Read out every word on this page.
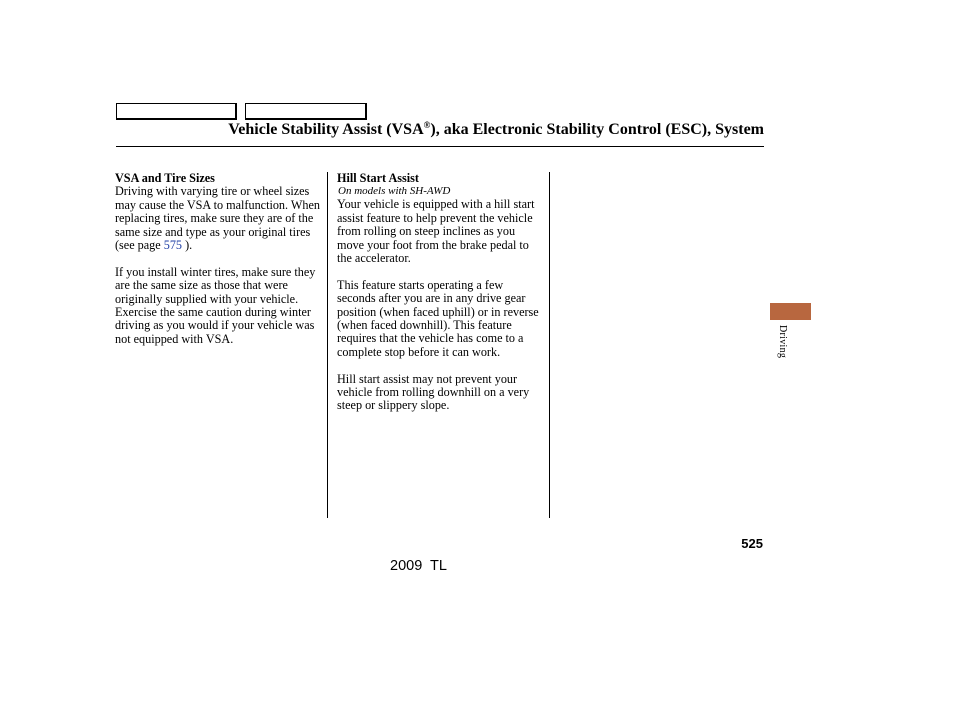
Vehicle Stability Assist (VSA®), aka Electronic Stability Control (ESC), System
VSA and Tire Sizes

Driving with varying tire or wheel sizes may cause the VSA to malfunction. When replacing tires, make sure they are of the same size and type as your original tires (see page 575 ).

If you install winter tires, make sure they are the same size as those that were originally supplied with your vehicle. Exercise the same caution during winter driving as you would if your vehicle was not equipped with VSA.

Hill Start Assist
On models with SH-AWD

Your vehicle is equipped with a hill start assist feature to help prevent the vehicle from rolling on steep inclines as you move your foot from the brake pedal to the accelerator.

This feature starts operating a few seconds after you are in any drive gear position (when faced uphill) or in reverse (when faced downhill). This feature requires that the vehicle has come to a complete stop before it can work.

Hill start assist may not prevent your vehicle from rolling downhill on a very steep or slippery slope.

Driving
525
2009  TL
